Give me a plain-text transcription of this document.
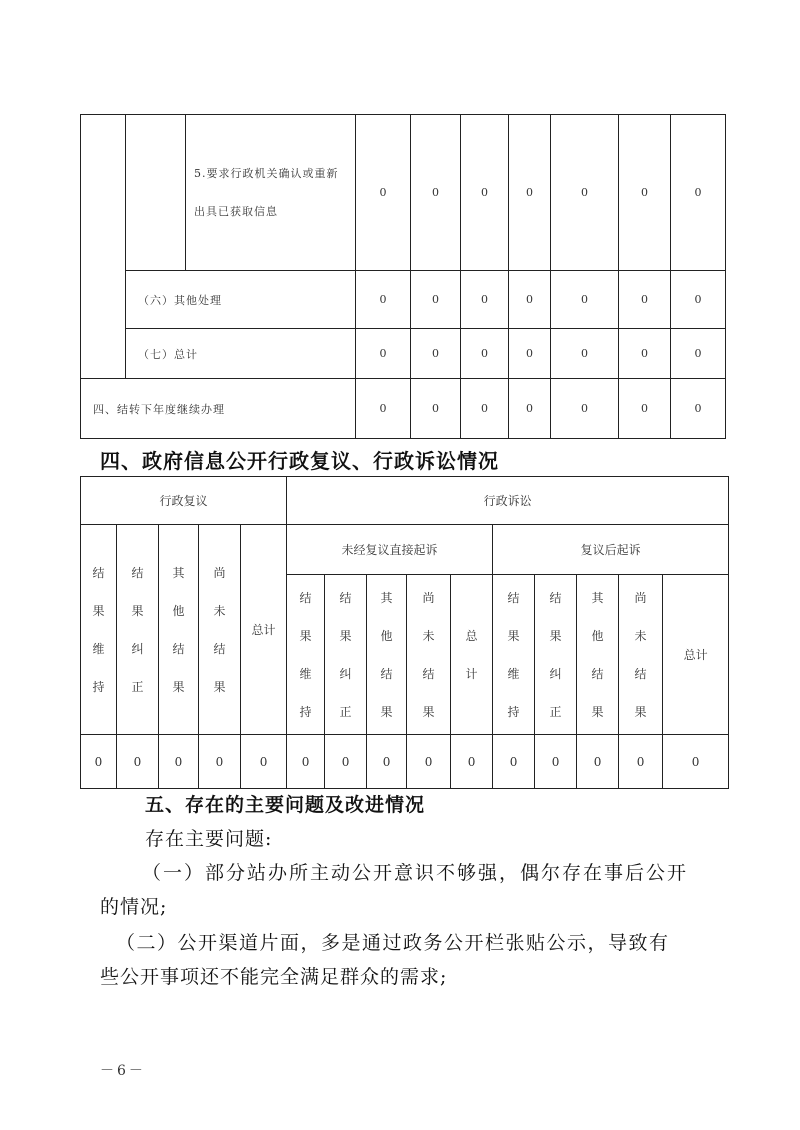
		5.要求行政机关确认或重新出具已获取信息	0	0	0	0	0	0	0
	（六）其他处理		0	0	0	0	0	0	0
	（七）总计		0	0	0	0	0	0	0
四、结转下年度继续办理			0	0	0	0	0	0	0
四、政府信息公开行政复议、行政诉讼情况
行政复议					行政诉讼									
结果维持	结果纠正	其他结果	尚未结果	总计	未经复议直接起诉					复议后起诉				
					结果维持	结果纠正	其他结果	尚未结果	总计	结果维持	结果纠正	其他结果	尚未结果	总计
0	0	0	0	0	0	0	0	0	0	0	0	0	0	0
五、存在的主要问题及改进情况
存在主要问题:
（一）部分站办所主动公开意识不够强，偶尔存在事后公开
的情况;
（二）公开渠道片面，多是通过政务公开栏张贴公示，导致有
些公开事项还不能完全满足群众的需求;
－6－
